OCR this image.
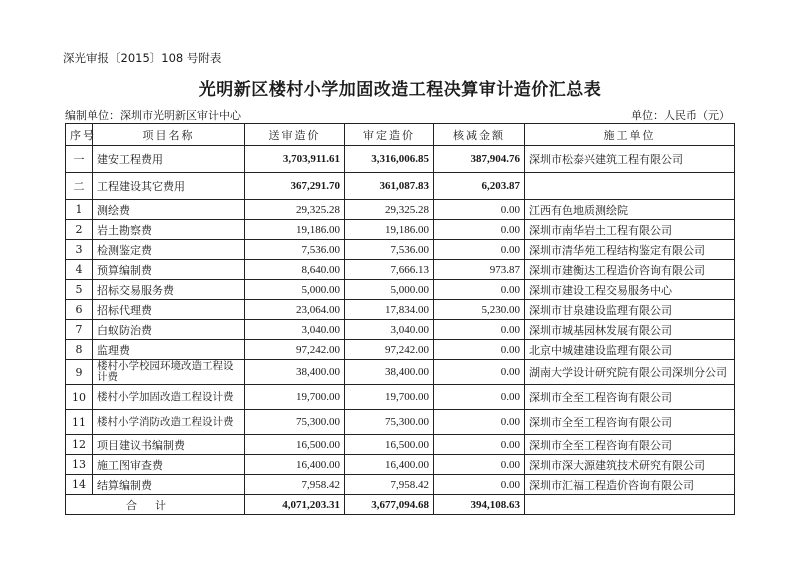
深光审报〔2015〕108 号附表
光明新区楼村小学加固改造工程决算审计造价汇总表
编制单位：深圳市光明新区审计中心	单位：人民币（元）
序号	项目名称	送审造价	审定造价	核减金额	施工单位
一	建安工程费用	3,703,911.61	3,316,006.85	387,904.76	深圳市松泰兴建筑工程有限公司
二	工程建设其它费用	367,291.70	361,087.83	6,203.87	
1	测绘费	29,325.28	29,325.28	0.00	江西有色地质测绘院
2	岩土勘察费	19,186.00	19,186.00	0.00	深圳市南华岩土工程有限公司
3	检测鉴定费	7,536.00	7,536.00	0.00	深圳市清华苑工程结构鉴定有限公司
4	预算编制费	8,640.00	7,666.13	973.87	深圳市建衡达工程造价咨询有限公司
5	招标交易服务费	5,000.00	5,000.00	0.00	深圳市建设工程交易服务中心
6	招标代理费	23,064.00	17,834.00	5,230.00	深圳市甘泉建设监理有限公司
7	白蚁防治费	3,040.00	3,040.00	0.00	深圳市城基园林发展有限公司
8	监理费	97,242.00	97,242.00	0.00	北京中城建建设监理有限公司
9	楼村小学校园环境改造工程设计费	38,400.00	38,400.00	0.00	湖南大学设计研究院有限公司深圳分公司
10	楼村小学加固改造工程设计费	19,700.00	19,700.00	0.00	深圳市全至工程咨询有限公司
11	楼村小学消防改造工程设计费	75,300.00	75,300.00	0.00	深圳市全至工程咨询有限公司
12	项目建议书编制费	16,500.00	16,500.00	0.00	深圳市全至工程咨询有限公司
13	施工图审查费	16,400.00	16,400.00	0.00	深圳市深大源建筑技术研究有限公司
14	结算编制费	7,958.42	7,958.42	0.00	深圳市汇福工程造价咨询有限公司
合计		4,071,203.31	3,677,094.68	394,108.63	
